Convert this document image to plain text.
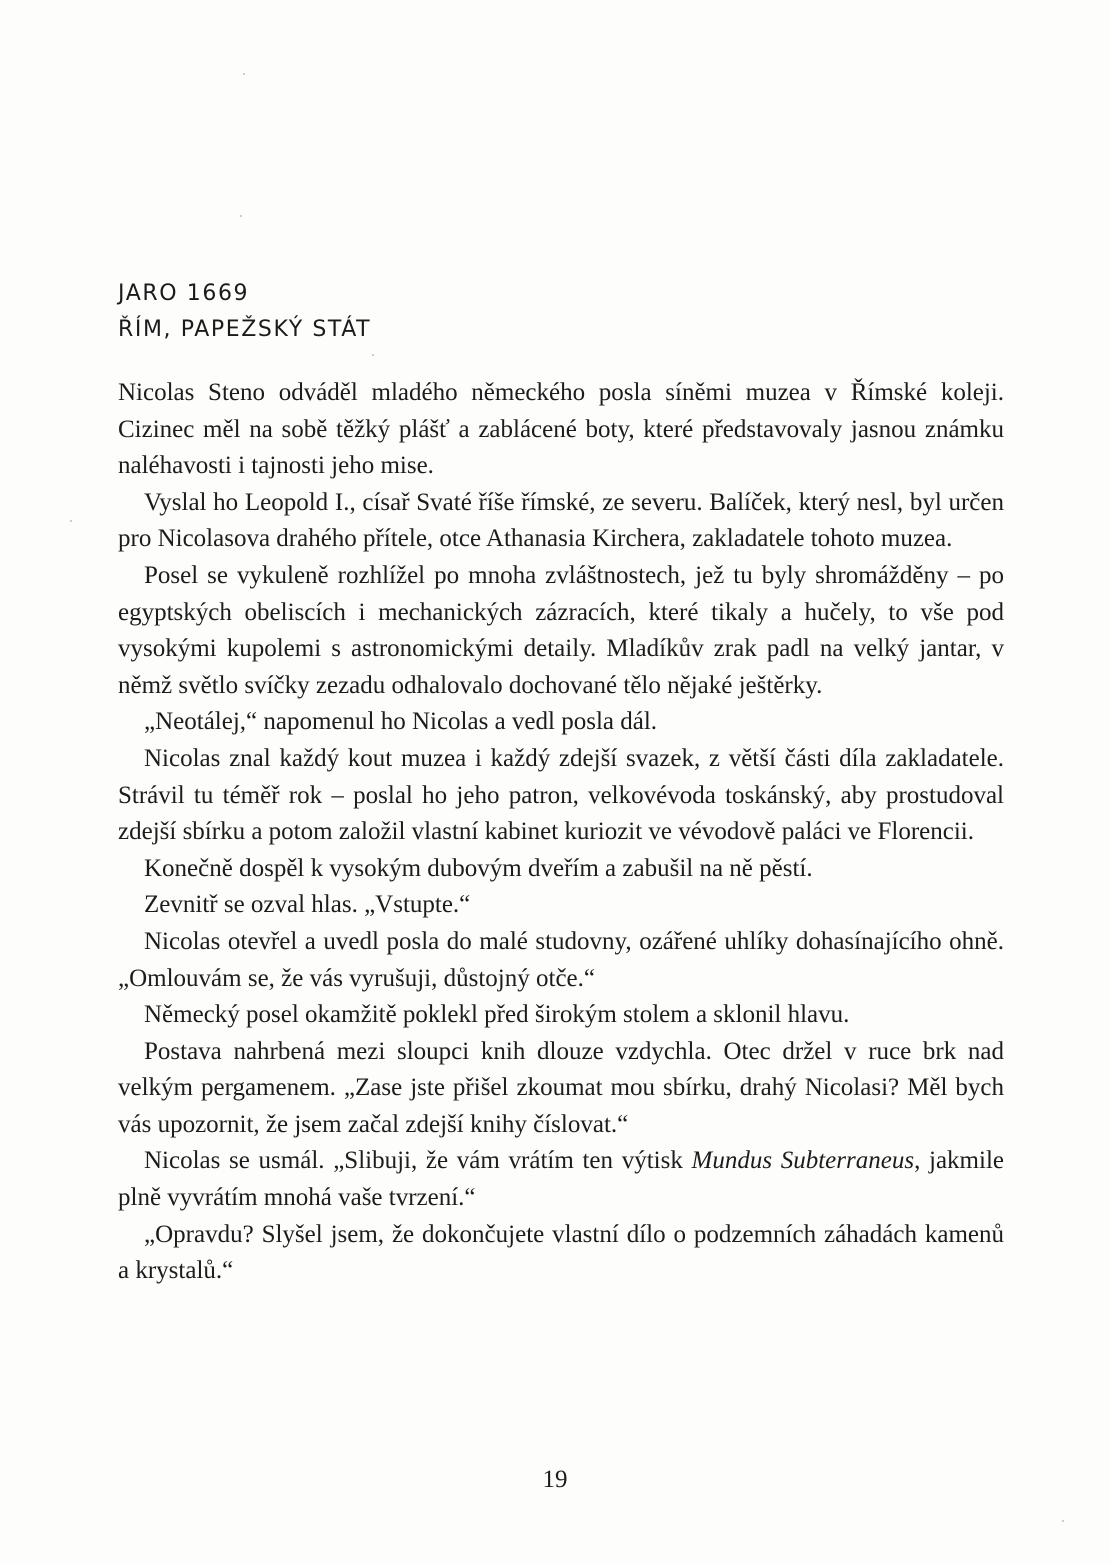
JARO 1669
ŘÍM, PAPEŽSKÝ STÁT

Nicolas Steno odváděl mladého německého posla síněmi muzea v Římské koleji. Cizinec měl na sobě těžký plášť a zablácené boty, které představovaly jasnou známku naléhavosti i tajnosti jeho mise.

Vyslal ho Leopold I., císař Svaté říše římské, ze severu. Balíček, který nesl, byl určen pro Nicolasova drahého přítele, otce Athanasia Kirchera, zakladatele tohoto muzea.

Posel se vykuleně rozhlížel po mnoha zvláštnostech, jež tu byly shromážděny – po egyptských obeliscích i mechanických zázracích, které tikaly a hučely, to vše pod vysokými kupolemi s astronomickými detaily. Mladíkův zrak padl na velký jantar, v němž světlo svíčky zezadu odhalovalo dochované tělo nějaké ještěrky.

„Neotálej,“ napomenul ho Nicolas a vedl posla dál.

Nicolas znal každý kout muzea i každý zdejší svazek, z větší části díla zakladatele. Strávil tu téměř rok – poslal ho jeho patron, velkovévoda toskánský, aby prostudoval zdejší sbírku a potom založil vlastní kabinet kuriozit ve vévodově paláci ve Florencii.

Konečně dospěl k vysokým dubovým dveřím a zabušil na ně pěstí.

Zevnitř se ozval hlas. „Vstupte.“

Nicolas otevřel a uvedl posla do malé studovny, ozářené uhlíky dohasínajícího ohně. „Omlouvám se, že vás vyrušuji, důstojný otče.“

Německý posel okamžitě poklekl před širokým stolem a sklonil hlavu.

Postava nahrbená mezi sloupci knih dlouze vzdychla. Otec držel v ruce brk nad velkým pergamenem. „Zase jste přišel zkoumat mou sbírku, drahý Nicolasi? Měl bych vás upozornit, že jsem začal zdejší knihy číslovat.“

Nicolas se usmál. „Slibuji, že vám vrátím ten výtisk Mundus Subterraneus, jakmile plně vyvrátím mnohá vaše tvrzení.“

„Opravdu? Slyšel jsem, že dokončujete vlastní dílo o podzemních záhadách kamenů a krystalů.“

19
